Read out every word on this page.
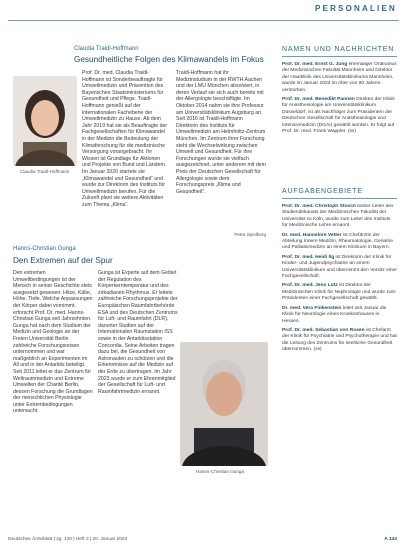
PERSONALIEN
Claudia Traidl-Hoffmann
Gesundheitliche Folgen des Klimawandels im Fokus
Claudia Traidl-Hoffmann
Prof. Dr. med. Claudia Traidl-Hoffmann ist Sonderbeauftragte für Umweltmedizin und Prävention des Bayerischen Staatsministeriums für Gesundheit und Pflege. Traidl-Hoffmann genießt auf der internationalen Fachebene der Umweltmedizin zu Hause. Ab dem Jahr 2019 hat sie als Beauftragte der Fachgesellschaften für Klimawandel in der Medizin die Bedeutung der Klimaforschung für die medizinische Versorgung vorangebracht. Ihr Wissen ist Grundlage für Aktionen und Projekte von Bund und Ländern. Im Januar 2020 startete sie „Klimawandel und Gesundheit“ und wurde zur Direktorin des Instituts für Umweltmedizin berufen. Für die Zukunft plant sie weitere Aktivitäten zum Thema „Klima“.
Traidl-Hoffmann hat ihr Medizinstudium in der RWTH Aachen und der LMU München absolviert, in deren Verlauf sie sich auch bereits mit der Allergologie beschäftigte. Im Oktober 2014 nahm sie ihre Professur am Universitätsklinikum Augsburg an. Seit 2016 ist Traidl-Hoffmann Direktorin des Instituts für Umweltmedizin am Helmholtz-Zentrum München. Im Zentrum ihrer Forschung steht die Wechselwirkung zwischen Umwelt und Gesundheit. Für ihre Forschungen wurde sie vielfach ausgezeichnet, unter anderem mit dem Preis der Deutschen Gesellschaft für Allergologie sowie dem Forschungspreis „Klima und Gesundheit“.
Petra Spielberg
Hanns-Christian Gunga
Den Extremen auf der Spur
Den extremen Umweltbedingungen ist der Mensch in seiner Geschichte stets ausgesetzt gewesen: Hitze, Kälte, Höhe, Tiefe. Welche Anpassungen der Körper dabei vornimmt, erforscht Prof. Dr. med. Hanns-Christian Gunga seit Jahrzehnten. Gunga hat nach dem Studium der Medizin und Geologie an der Freien Universität Berlin zahlreiche Forschungsreisen unternommen und war maßgeblich an Experimenten im All und in der Antarktis beteiligt. Seit 2011 leitet er das Zentrum für Weltraummedizin und Extreme Umwelten der Charité Berlin, dessen Forschung die Grundlagen der menschlichen Physiologie unter Extrembedingungen untersucht.
Gunga ist Experte auf dem Gebiet der Regulation des Körperkerntemperatur und des zirkadianen Rhythmus. Er leitete zahlreiche Forschungsprojekte der Europäischen Raumfahrtbehörde ESA und des Deutschen Zentrums für Luft- und Raumfahrt (DLR), darunter Studien auf der Internationalen Raumstation ISS sowie in der Antarktisstation Concordia. Seine Arbeiten tragen dazu bei, die Gesundheit von Astronauten zu schützen und die Erkenntnisse auf die Medizin auf der Erde zu übertragen. Im Jahr 2023 wurde er zum Ehrenmitglied der Gesellschaft für Luft- und Raumfahrtmedizin ernannt.
Hanns-Christian Gunga
NAMEN UND NACHRICHTEN

Prof. Dr. med. Ernst G. Jung ehemaliger Ordinarius der Medizinischen Fakultät Mannheim und Direktor der Hautklinik des Universitätsklinikums Mannheim, wurde im Januar 2023 im Alter von 90 Jahren verstorben.

Prof. Dr. med. Benedikt Pannen Direktor der Klinik für Anästhesiologie am Universitätsklinikum Düsseldorf, ist als Nachfolger zum Präsidenten der Deutschen Gesellschaft für Anästhesiologie und Intensivmedizin (DGAI) gewählt worden. Er folgt auf Prof. Dr. med. Frank Wappler. (ss)

AUFGABENGEBIETE

Prof. Dr. med. Christoph Stosch bisher Leiter des Studiendekanats der Medizinischen Fakultät der Universität zu Köln, wurde zum Leiter des Instituts für Medizinische Lehre ernannt.

Dr. med. Hannelore Vetter ist Chefärztin der Abteilung Innere Medizin, Rheumatologie, Geriatrie und Palliativmedizin an einem Klinikum in Bayern.

Prof. Dr. med. Heidi Ilg ist Direktorin der Klinik für Kinder- und Jugendpsychiatrie an einem Universitätsklinikum und übernimmt den Vorsitz einer Fachgesellschaft.

Prof. Dr. med. Jens Lutz ist Direktor der Medizinischen Klinik für Nephrologie und wurde zum Präsidenten einer Fachgesellschaft gewählt.

Dr. med. Vera Finkenstein leitet seit Januar die Klinik für Neurologie eines Krankenhauses in Hessen.

Prof. Dr. med. Sebastian von Rosen ist Chefarzt der Klinik für Psychiatrie und Psychotherapie und hat die Leitung des Zentrums für seelische Gesundheit übernommen. (ss)

Deutsches Ärzteblatt | Jg. 120 | Heft 3 | 20. Januar 2023	A 143
